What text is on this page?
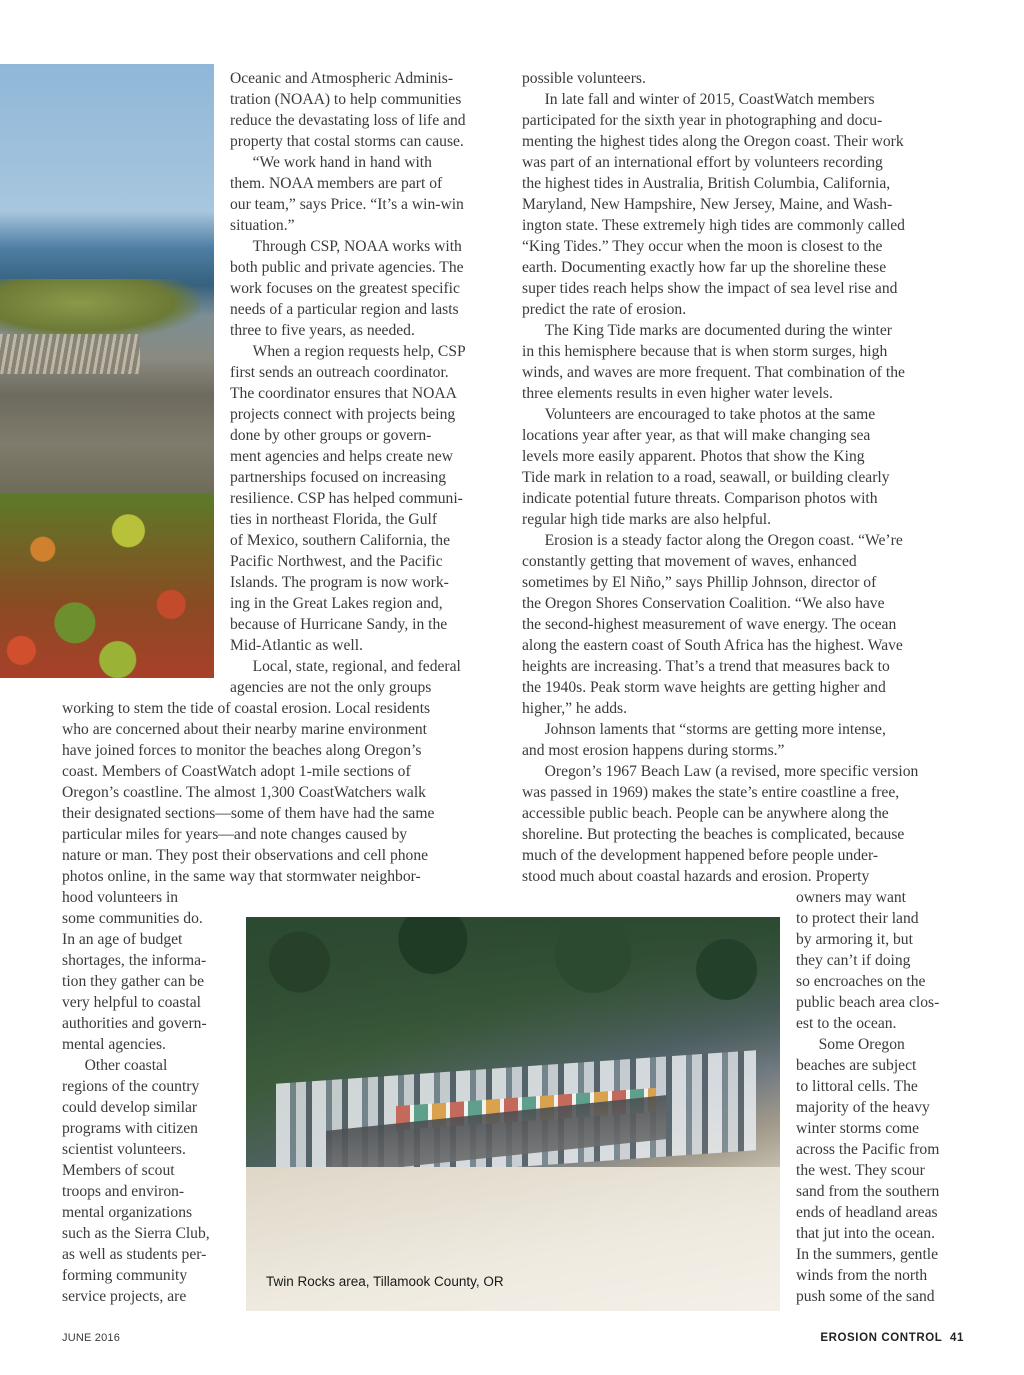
Twin Rocks area, Tillamook County, OR

Oceanic and Atmospheric Adminis-

tration (NOAA) to help communities

reduce the devastating loss of life and

property that costal storms can cause.

“We work hand in hand with

them. NOAA members are part of

our team,” says Price. “It’s a win-win

situation.”

Through CSP, NOAA works with

both public and private agencies. The

work focuses on the greatest specific

needs of a particular region and lasts

three to five years, as needed.

When a region requests help, CSP

first sends an outreach coordinator.

The coordinator ensures that NOAA

projects connect with projects being

done by other groups or govern-

ment agencies and helps create new

partnerships focused on increasing

resilience. CSP has helped communi-

ties in northeast Florida, the Gulf

of Mexico, southern California, the

Pacific Northwest, and the Pacific

Islands. The program is now work-

ing in the Great Lakes region and,

because of Hurricane Sandy, in the

Mid-Atlantic as well.

Local, state, regional, and federal

agencies are not the only groups

working to stem the tide of coastal erosion. Local residents

who are concerned about their nearby marine environment

have joined forces to monitor the beaches along Oregon’s

coast. Members of CoastWatch adopt 1-mile sections of

Oregon’s coastline. The almost 1,300 CoastWatchers walk

their designated sections—some of them have had the same

particular miles for years—and note changes caused by

nature or man. They post their observations and cell phone

photos online, in the same way that stormwater neighbor-

hood volunteers in

some communities do.

In an age of budget

shortages, the informa-

tion they gather can be

very helpful to coastal

authorities and govern-

mental agencies.

Other coastal

regions of the country

could develop similar

programs with citizen

scientist volunteers.

Members of scout

troops and environ-

mental organizations

such as the Sierra Club,

as well as students per-

forming community

service projects, are

possible volunteers.

In late fall and winter of 2015, CoastWatch members

participated for the sixth year in photographing and docu-

menting the highest tides along the Oregon coast. Their work

was part of an international effort by volunteers recording

the highest tides in Australia, British Columbia, California,

Maryland, New Hampshire, New Jersey, Maine, and Wash-

ington state. These extremely high tides are commonly called

“King Tides.” They occur when the moon is closest to the

earth. Documenting exactly how far up the shoreline these

super tides reach helps show the impact of sea level rise and

predict the rate of erosion.

The King Tide marks are documented during the winter

in this hemisphere because that is when storm surges, high

winds, and waves are more frequent. That combination of the

three elements results in even higher water levels.

Volunteers are encouraged to take photos at the same

locations year after year, as that will make changing sea

levels more easily apparent. Photos that show the King

Tide mark in relation to a road, seawall, or building clearly

indicate potential future threats. Comparison photos with

regular high tide marks are also helpful.

Erosion is a steady factor along the Oregon coast. “We’re

constantly getting that movement of waves, enhanced

sometimes by El Niño,” says Phillip Johnson, director of

the Oregon Shores Conservation Coalition. “We also have

the second-highest measurement of wave energy. The ocean

along the eastern coast of South Africa has the highest. Wave

heights are increasing. That’s a trend that measures back to

the 1940s. Peak storm wave heights are getting higher and

higher,” he adds.

Johnson laments that “storms are getting more intense,

and most erosion happens during storms.”

Oregon’s 1967 Beach Law (a revised, more specific version

was passed in 1969) makes the state’s entire coastline a free,

accessible public beach. People can be anywhere along the

shoreline. But protecting the beaches is complicated, because

much of the development happened before people under-

stood much about coastal hazards and erosion. Property

owners may want

to protect their land

by armoring it, but

they can’t if doing

so encroaches on the

public beach area clos-

est to the ocean.

Some Oregon

beaches are subject

to littoral cells. The

majority of the heavy

winter storms come

across the Pacific from

the west. They scour

sand from the southern

ends of headland areas

that jut into the ocean.

In the summers, gentle

winds from the north

push some of the sand

JUNE 2016	EROSION CONTROL 41
